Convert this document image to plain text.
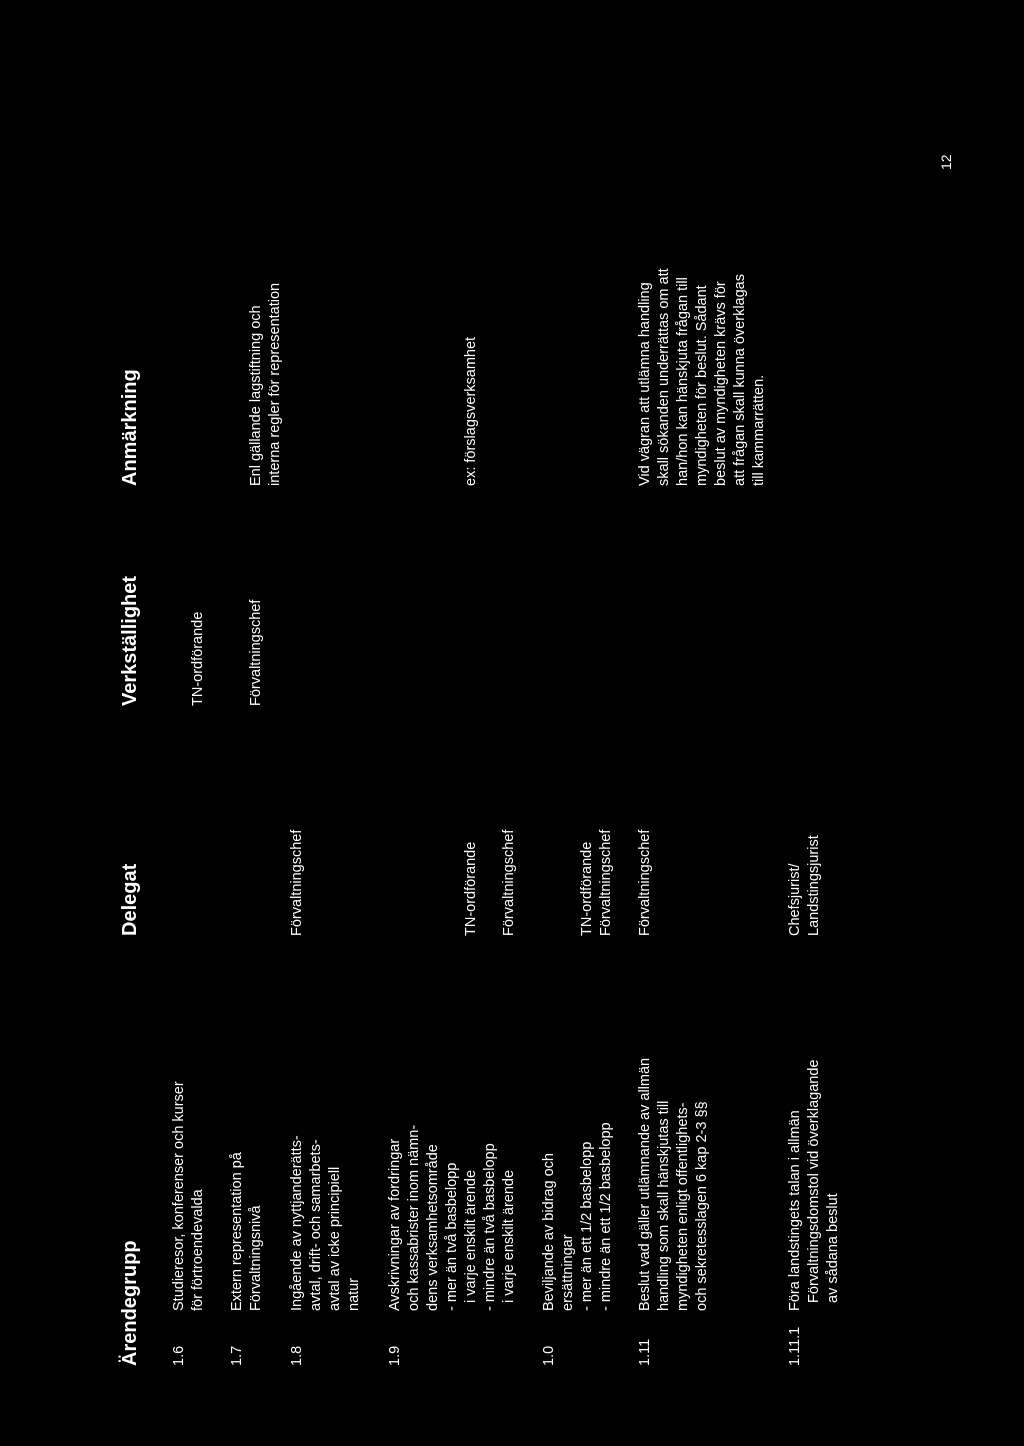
Ärendegrupp
Delegat
Verkställighet
Anmärkning
1.6
Studieresor, konferenser och kurser för förtroendevalda
TN-ordförande
1.7
Extern representation på Förvaltningsnivå
Förvaltningschef
Enl gällande lagstiftning och interna regler för representation
1.8
Ingående av nyttjanderätts- avtal, drift- och samarbets- avtal av icke principiell natur
Förvaltningschef
1.9
Avskrivningar av fordringar och kassabrister inom nämn- dens verksamhetsområde - mer än två basbelopp i varje enskilt ärende - mindre än två basbelopp i varje enskilt ärende
TN-ordförande Förvaltningschef
ex: förslagsverksamhet
1.0
Beviljande av bidrag och ersättningar - mer än ett 1/2 basbelopp - mindre än ett 1/2 basbelopp
TN-ordförande Förvaltningschef
1.11
Beslut vad gäller utlämnande av allmän handling som skall hänskjutas till myndigheten enligt offentlighets- och sekretesslagen 6 kap 2-3 §§
Förvaltningschef
Vid vägran att utlämna handling skall sökanden underrättas om att han/hon kan hänskjuta frågan till myndigheten för beslut. Sådant beslut av myndigheten krävs för att frågan skall kunna överklagas till kammarrätten.
1.11.1
Föra landstingets talan i allmän Förvaltningsdomstol vid överklagande av sådana beslut
Chefsjurist/ Landstingsjurist
12
